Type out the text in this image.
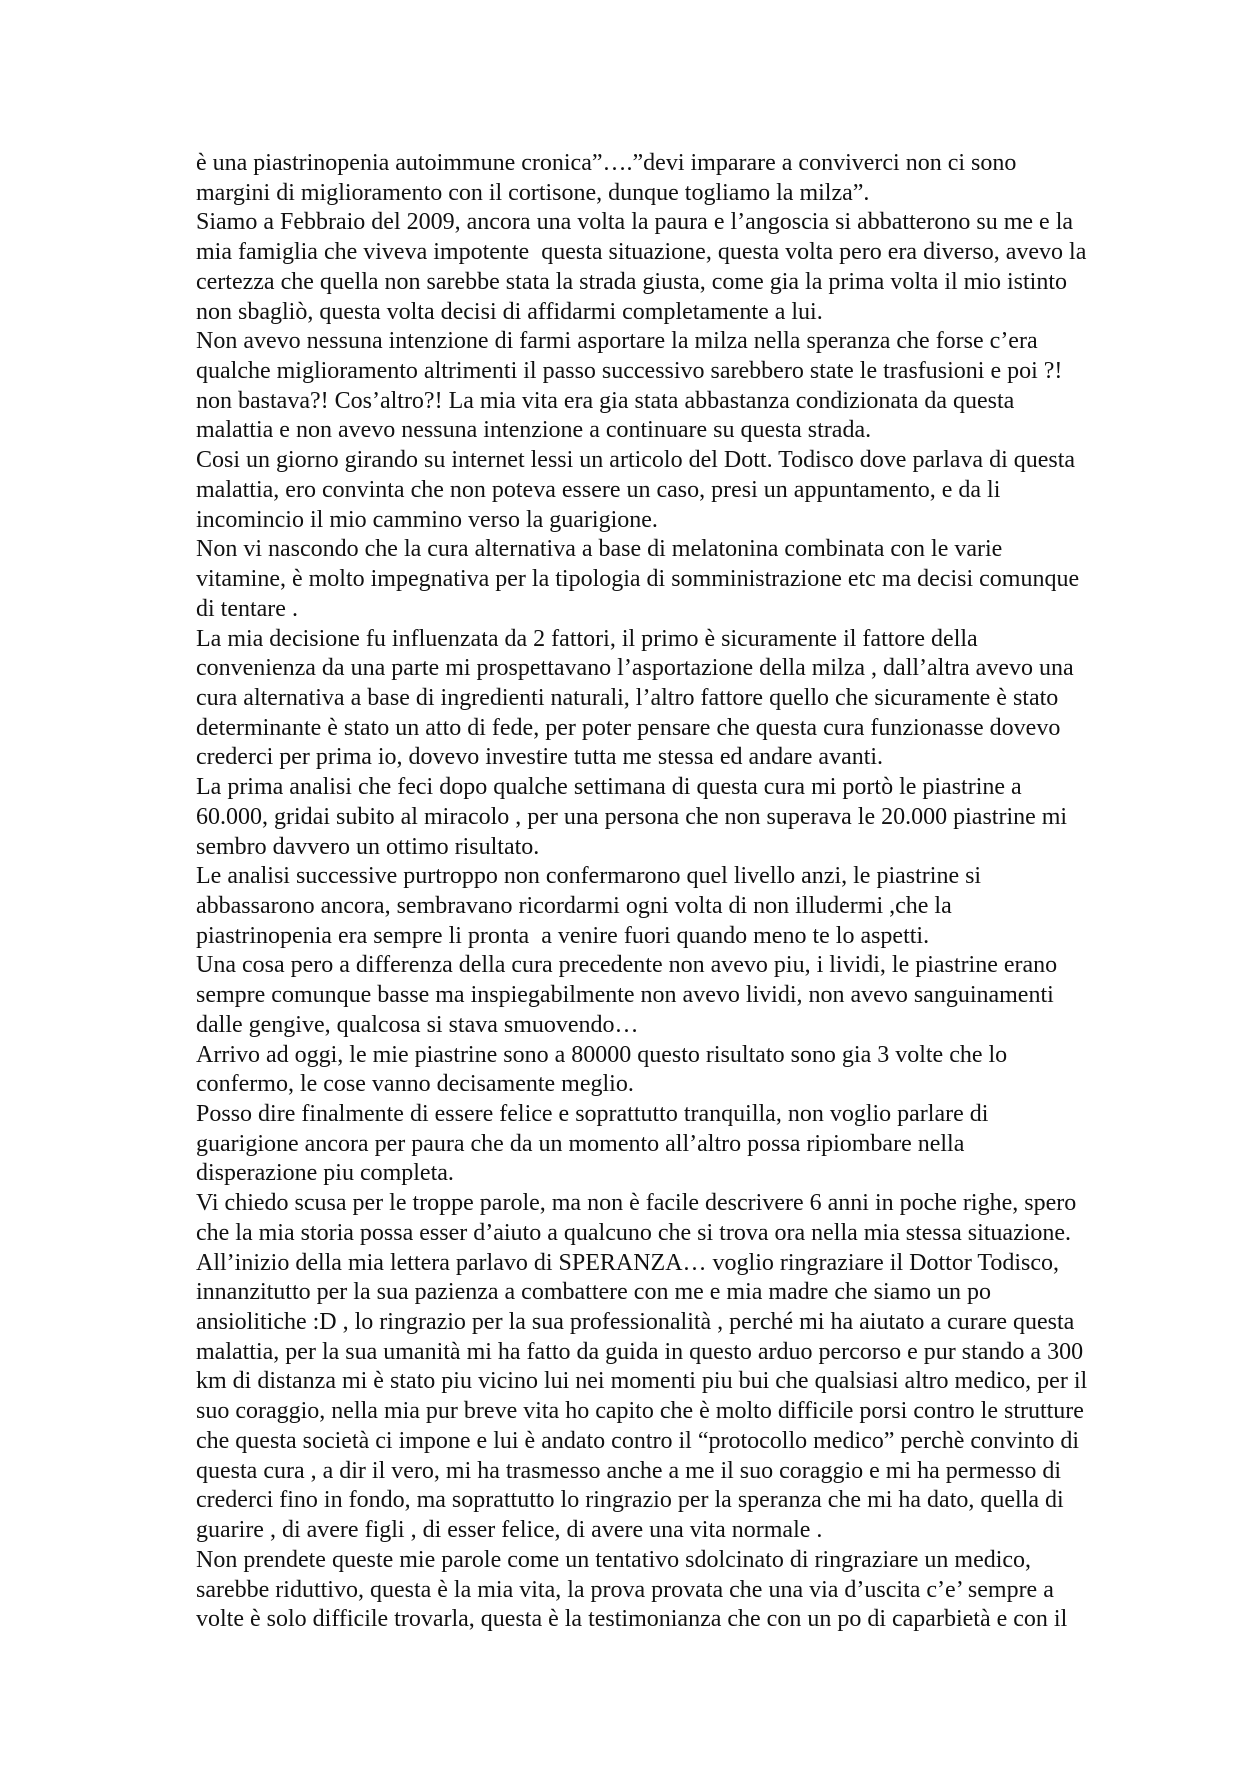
è una piastrinopenia autoimmune cronica”….”devi imparare a conviverci non ci sono
margini di miglioramento con il cortisone, dunque togliamo la milza”.
Siamo a Febbraio del 2009, ancora una volta la paura e l’angoscia si abbatterono su me e la
mia famiglia che viveva impotente  questa situazione, questa volta pero era diverso, avevo la
certezza che quella non sarebbe stata la strada giusta, come gia la prima volta il mio istinto
non sbagliò, questa volta decisi di affidarmi completamente a lui.
Non avevo nessuna intenzione di farmi asportare la milza nella speranza che forse c’era
qualche miglioramento altrimenti il passo successivo sarebbero state le trasfusioni e poi ?!
non bastava?! Cos’altro?! La mia vita era gia stata abbastanza condizionata da questa
malattia e non avevo nessuna intenzione a continuare su questa strada.
Cosi un giorno girando su internet lessi un articolo del Dott. Todisco dove parlava di questa
malattia, ero convinta che non poteva essere un caso, presi un appuntamento, e da li
incomincio il mio cammino verso la guarigione.
Non vi nascondo che la cura alternativa a base di melatonina combinata con le varie
vitamine, è molto impegnativa per la tipologia di somministrazione etc ma decisi comunque
di tentare .
La mia decisione fu influenzata da 2 fattori, il primo è sicuramente il fattore della
convenienza da una parte mi prospettavano l’asportazione della milza , dall’altra avevo una
cura alternativa a base di ingredienti naturali, l’altro fattore quello che sicuramente è stato
determinante è stato un atto di fede, per poter pensare che questa cura funzionasse dovevo
crederci per prima io, dovevo investire tutta me stessa ed andare avanti.
La prima analisi che feci dopo qualche settimana di questa cura mi portò le piastrine a
60.000, gridai subito al miracolo , per una persona che non superava le 20.000 piastrine mi
sembro davvero un ottimo risultato.
Le analisi successive purtroppo non confermarono quel livello anzi, le piastrine si
abbassarono ancora, sembravano ricordarmi ogni volta di non illudermi ,che la
piastrinopenia era sempre li pronta  a venire fuori quando meno te lo aspetti.
Una cosa pero a differenza della cura precedente non avevo piu, i lividi, le piastrine erano
sempre comunque basse ma inspiegabilmente non avevo lividi, non avevo sanguinamenti
dalle gengive, qualcosa si stava smuovendo…
Arrivo ad oggi, le mie piastrine sono a 80000 questo risultato sono gia 3 volte che lo
confermo, le cose vanno decisamente meglio.
Posso dire finalmente di essere felice e soprattutto tranquilla, non voglio parlare di
guarigione ancora per paura che da un momento all’altro possa ripiombare nella
disperazione piu completa.
Vi chiedo scusa per le troppe parole, ma non è facile descrivere 6 anni in poche righe, spero
che la mia storia possa esser d’aiuto a qualcuno che si trova ora nella mia stessa situazione.
All’inizio della mia lettera parlavo di SPERANZA… voglio ringraziare il Dottor Todisco,
innanzitutto per la sua pazienza a combattere con me e mia madre che siamo un po
ansiolitiche :D , lo ringrazio per la sua professionalità , perché mi ha aiutato a curare questa
malattia, per la sua umanità mi ha fatto da guida in questo arduo percorso e pur stando a 300
km di distanza mi è stato piu vicino lui nei momenti piu bui che qualsiasi altro medico, per il
suo coraggio, nella mia pur breve vita ho capito che è molto difficile porsi contro le strutture
che questa società ci impone e lui è andato contro il “protocollo medico” perchè convinto di
questa cura , a dir il vero, mi ha trasmesso anche a me il suo coraggio e mi ha permesso di
crederci fino in fondo, ma soprattutto lo ringrazio per la speranza che mi ha dato, quella di
guarire , di avere figli , di esser felice, di avere una vita normale .
Non prendete queste mie parole come un tentativo sdolcinato di ringraziare un medico,
sarebbe riduttivo, questa è la mia vita, la prova provata che una via d’uscita c’e’ sempre a
volte è solo difficile trovarla, questa è la testimonianza che con un po di caparbietà e con il
